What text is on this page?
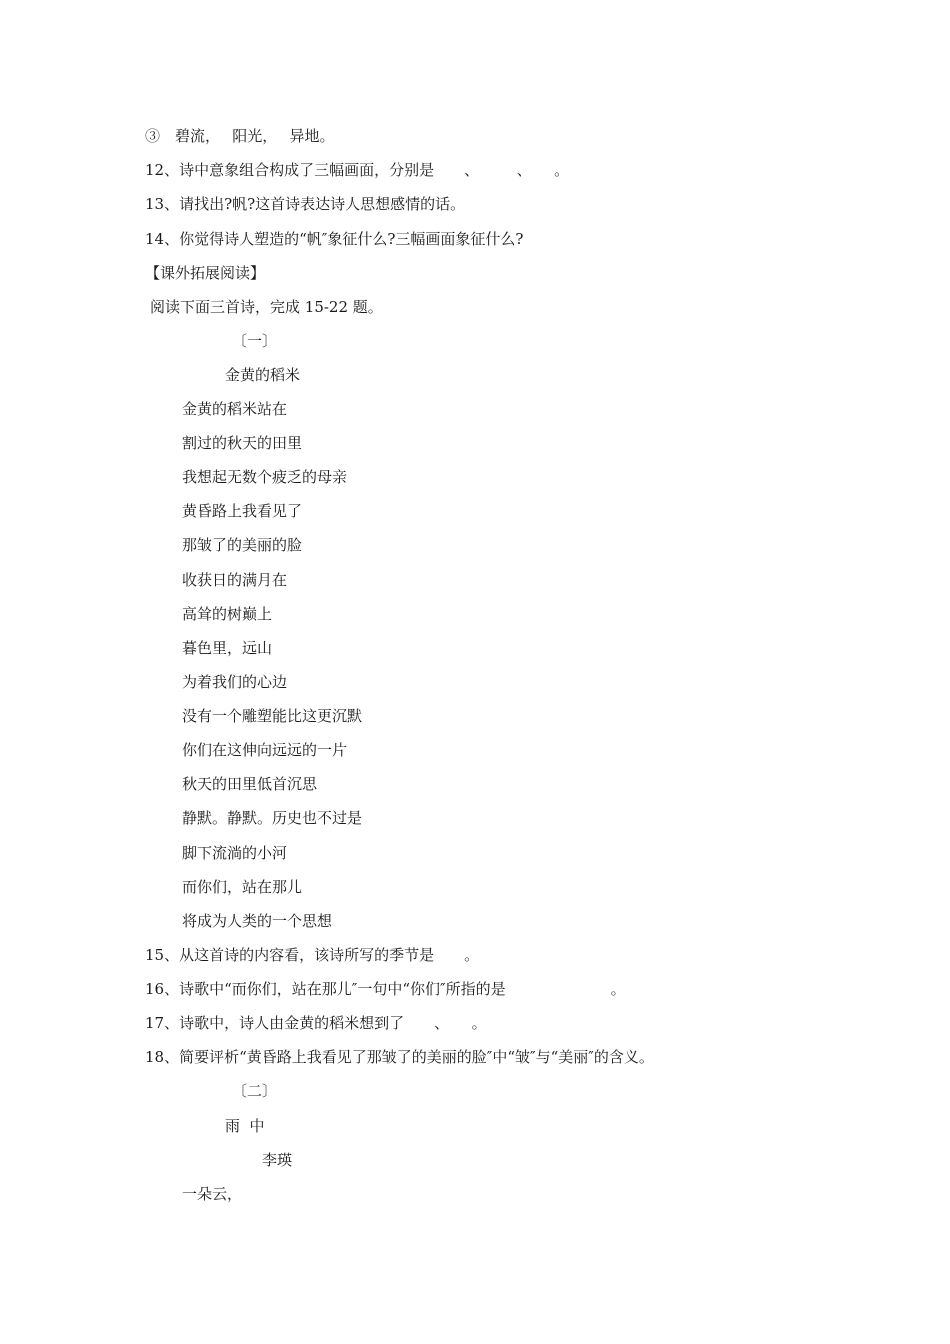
③　碧流，　 阳光，　 异地。
12、诗中意象组合构成了三幅画面，分别是　　、　　　、　　。
13、请找出?帆?这首诗表达诗人思想感情的话。
14、你觉得诗人塑造的“帆″象征什么?三幅画面象征什么?
【课外拓展阅读】
阅读下面三首诗，完成 15-22 题。
〔一〕
金黄的稻米
金黄的稻米站在
割过的秋天的田里
我想起无数个疲乏的母亲
黄昏路上我看见了
那皱了的美丽的脸
收获日的满月在
高耸的树巅上
暮色里，远山
为着我们的心边
没有一个雕塑能比这更沉默
你们在这伸向远远的一片
秋天的田里低首沉思
静默。静默。历史也不过是
脚下流淌的小河
而你们，站在那儿
将成为人类的一个思想
15、从这首诗的内容看，该诗所写的季节是　　。
16、诗歌中“而你们，站在那儿″一句中“你们″所指的是　　　　　　　。
17、诗歌中，诗人由金黄的稻米想到了　　、　　。
18、简要评析“黄昏路上我看见了那皱了的美丽的脸″中“皱″与“美丽″的含义。
〔二〕
雨  中
李瑛
一朵云，
